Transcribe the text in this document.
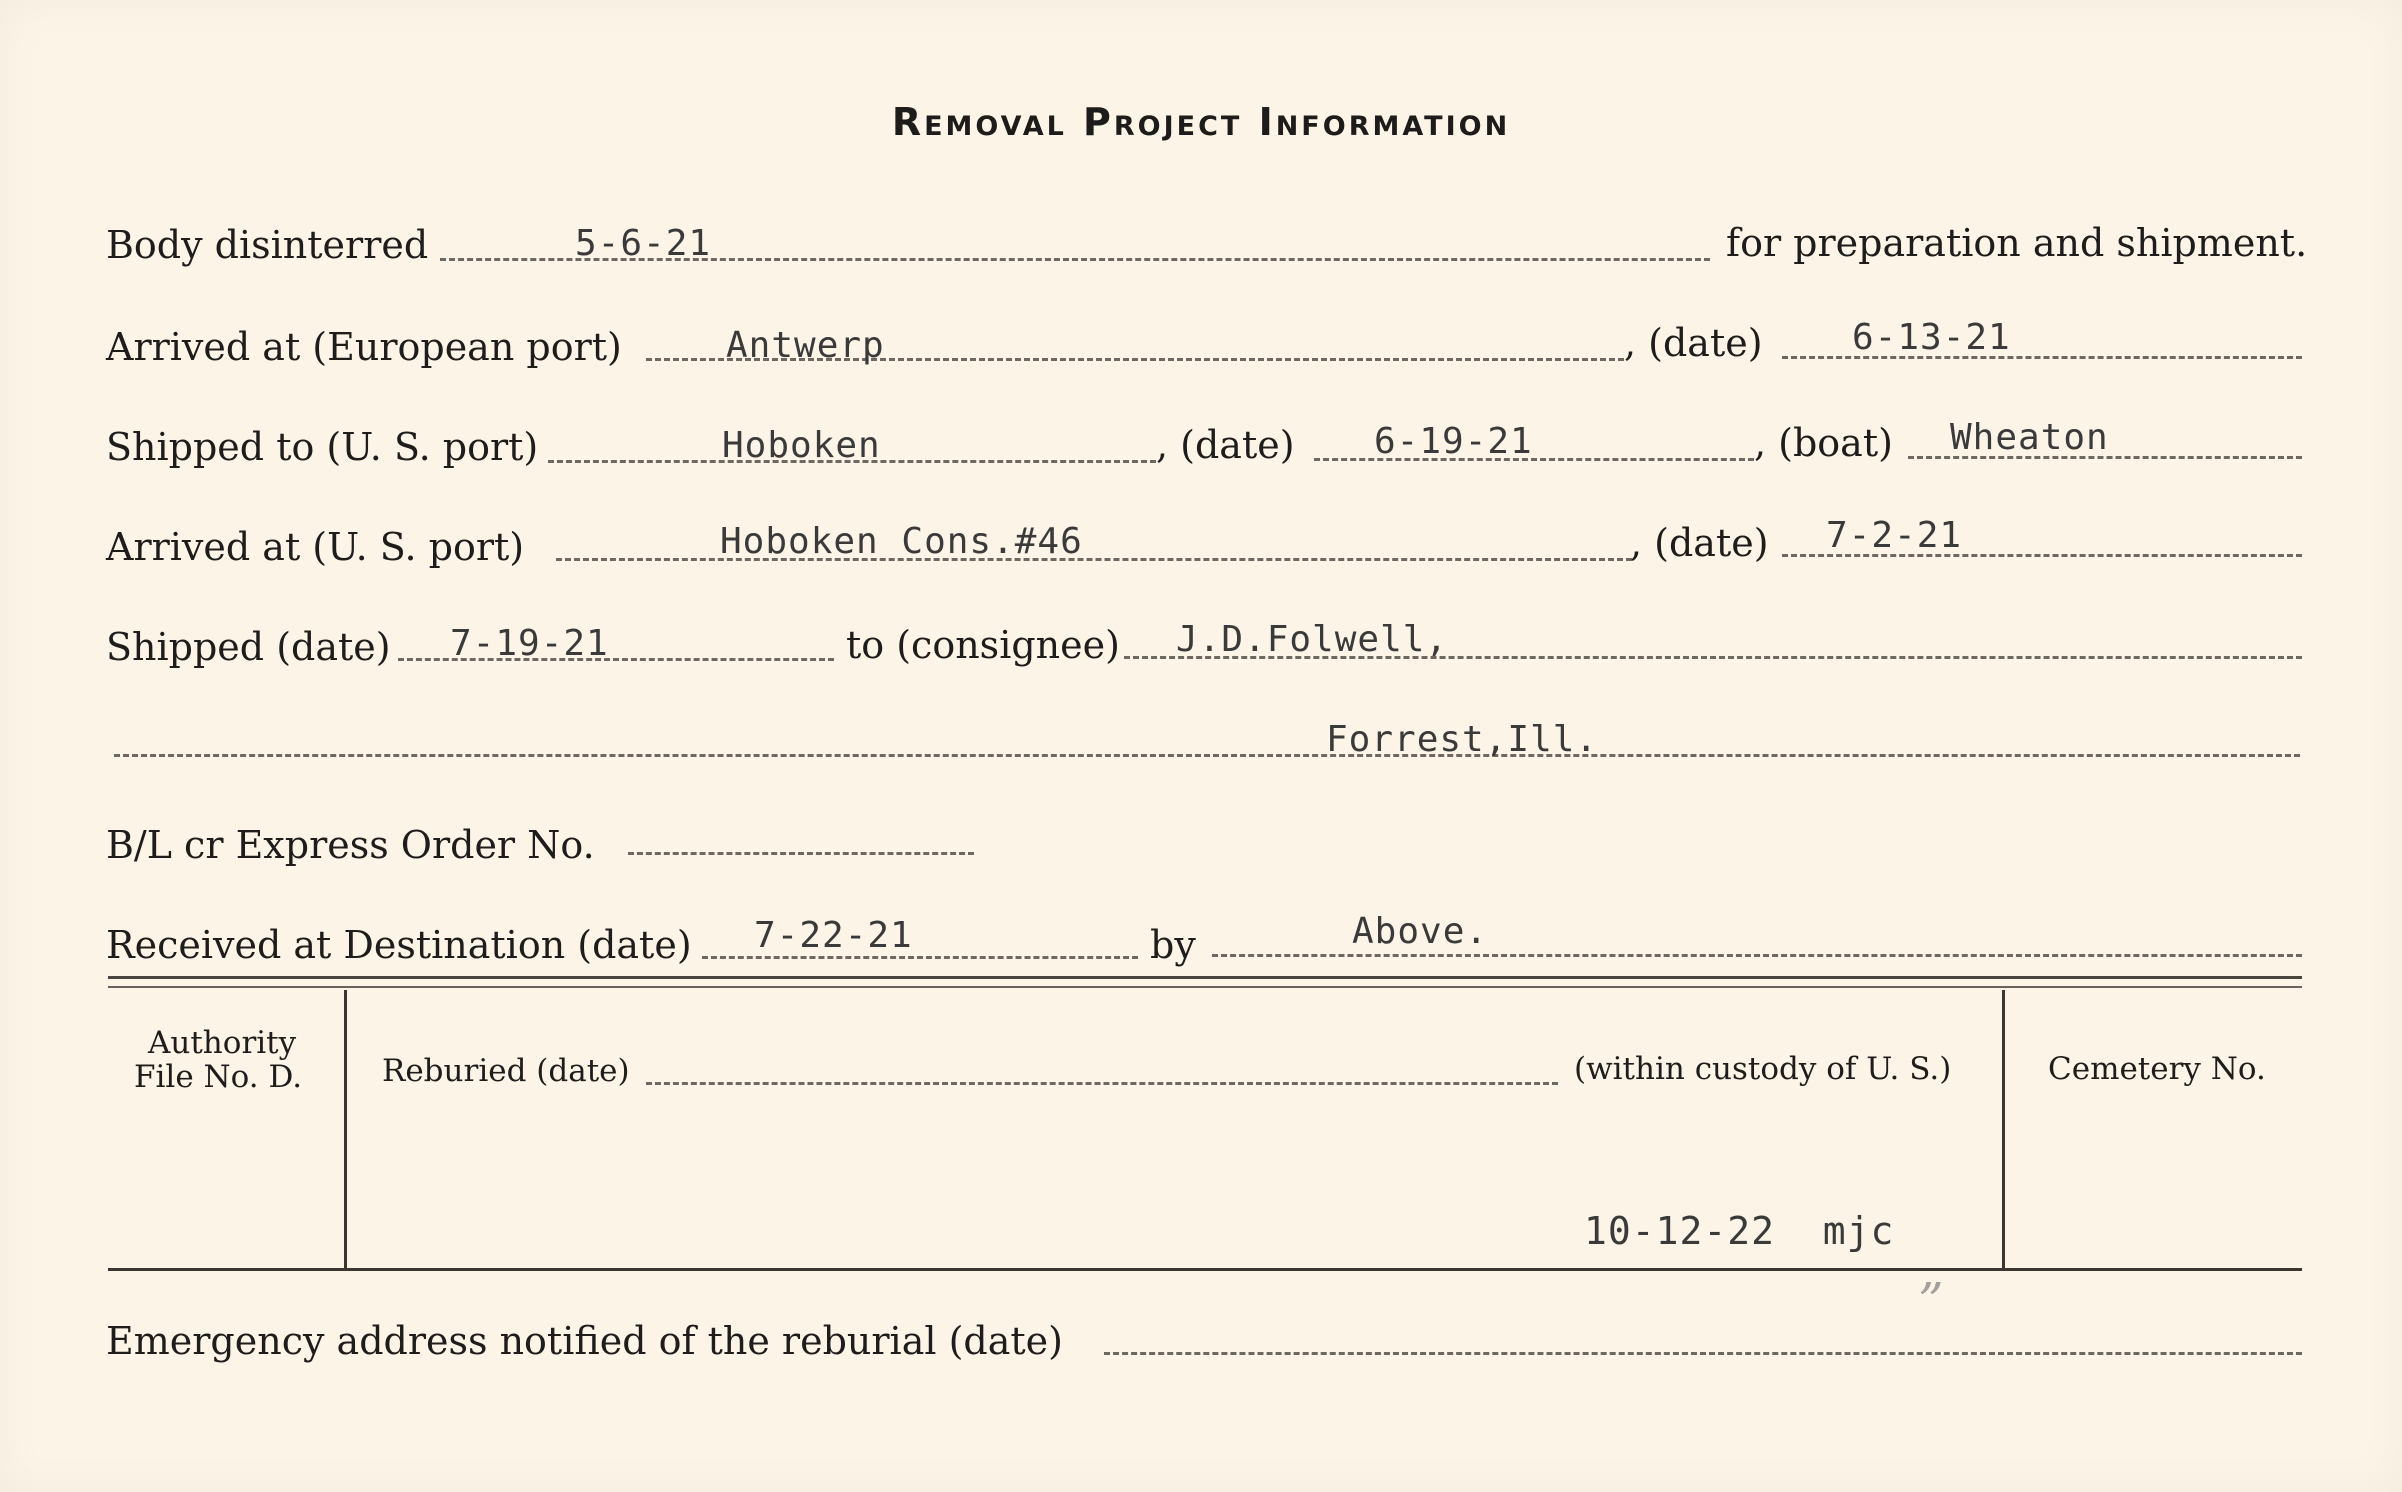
Removal Project Information
Body disinterred	5-6-21	for preparation and shipment.
Arrived at (European port)	Antwerp	, (date) 6-13-21
Shipped to (U. S. port)	Hoboken	, (date) 6-19-21	, (boat) Wheaton
Arrived at (U. S. port)	Hoboken Cons.#46	, (date) 7-2-21
Shipped (date) 7-19-21	to (consignee) J.D.Folwell,
Forrest,Ill.
B/L cr Express Order No.
Received at Destination (date) 7-22-21	by	Above.
Authority
File No. D.	Reburied (date)	(within custody of U. S.)	Cemetery No.
10-12-22  mjc
Emergency address notified of the reburial (date)
”
